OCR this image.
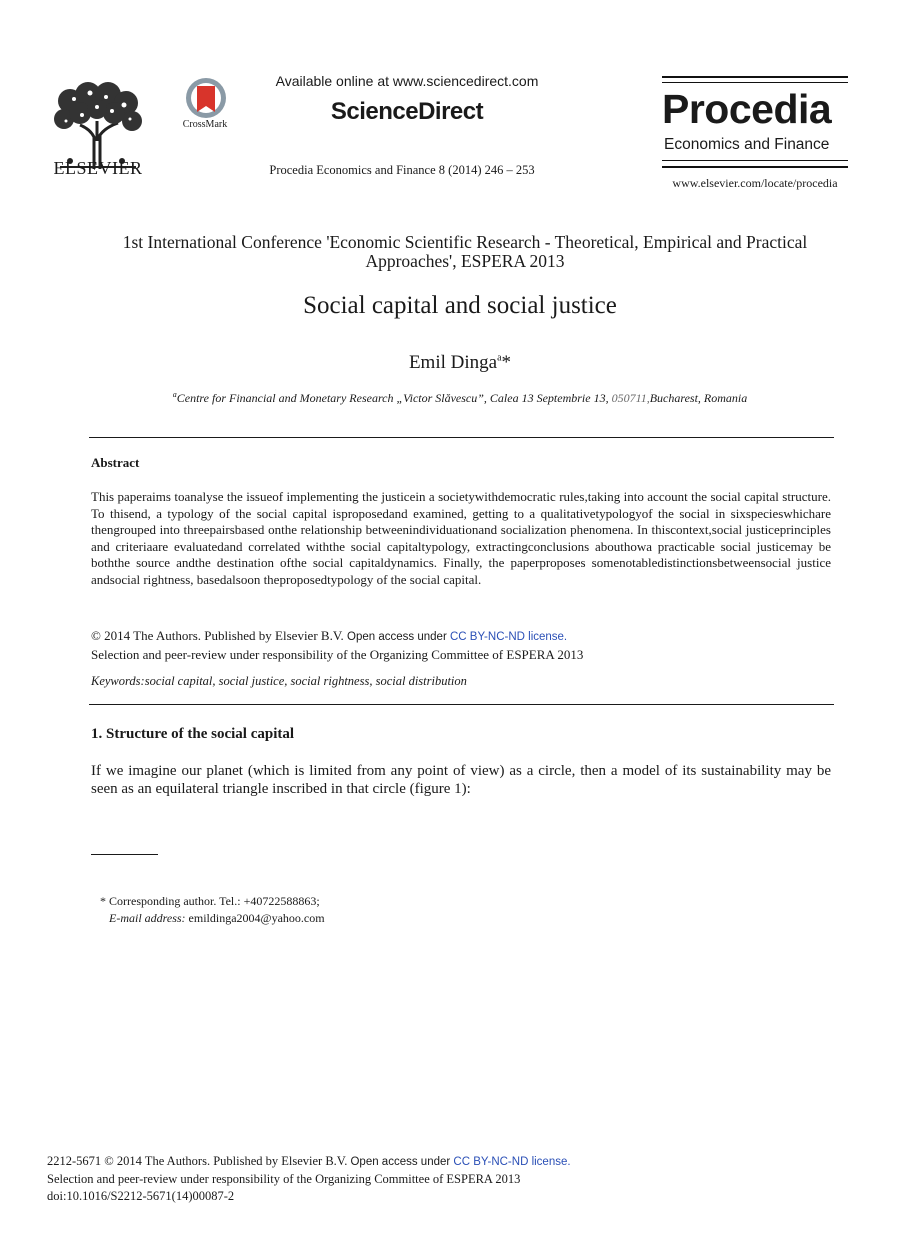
ELSEVIER
CrossMark
Available online at www.sciencedirect.com
ScienceDirect
Procedia Economics and Finance 8 (2014) 246 – 253
Procedia
Economics and Finance
www.elsevier.com/locate/procedia
1st International Conference 'Economic Scientific Research - Theoretical, Empirical and Practical Approaches', ESPERA 2013
Social capital and social justice
Emil Dinga$^a$*
$^a$Centre for Financial and Monetary Research „Victor Slăvescu”, Calea 13 Septembrie 13, 050711,Bucharest, Romania
Abstract
This paperaims toanalyse the issueof implementing the justicein a societywithdemocratic rules,taking into account the social capital structure. To thisend, a typology of the social capital isproposedand examined, getting to a qualitativetypologyof the social in sixspecieswhichare thengrouped into threepairsbased onthe relationship betweenindividuationand socialization phenomena. In thiscontext,social justiceprinciples and criteriaare evaluatedand correlated withthe social capitaltypology, extractingconclusions abouthowa practicable social justicemay be boththe source andthe destination ofthe social capitaldynamics. Finally, the paperproposes somenotabledistinctionsbetweensocial justice andsocial rightness, basedalsoon theproposedtypology of the social capital.
© 2014 The Authors. Published by Elsevier B.V. Open access under CC BY-NC-ND license.
Selection and peer-review under responsibility of the Organizing Committee of ESPERA 2013
Keywords:social capital, social justice, social rightness, social distribution
1. Structure of the social capital
If we imagine our planet (which is limited from any point of view) as a circle, then a model of its sustainability may be seen as an equilateral triangle inscribed in that circle (figure 1):
* Corresponding author. Tel.: +40722588863;
E-mail address: emildinga2004@yahoo.com
2212-5671 © 2014 The Authors. Published by Elsevier B.V. Open access under CC BY-NC-ND license.
Selection and peer-review under responsibility of the Organizing Committee of ESPERA 2013
doi:10.1016/S2212-5671(14)00087-2
